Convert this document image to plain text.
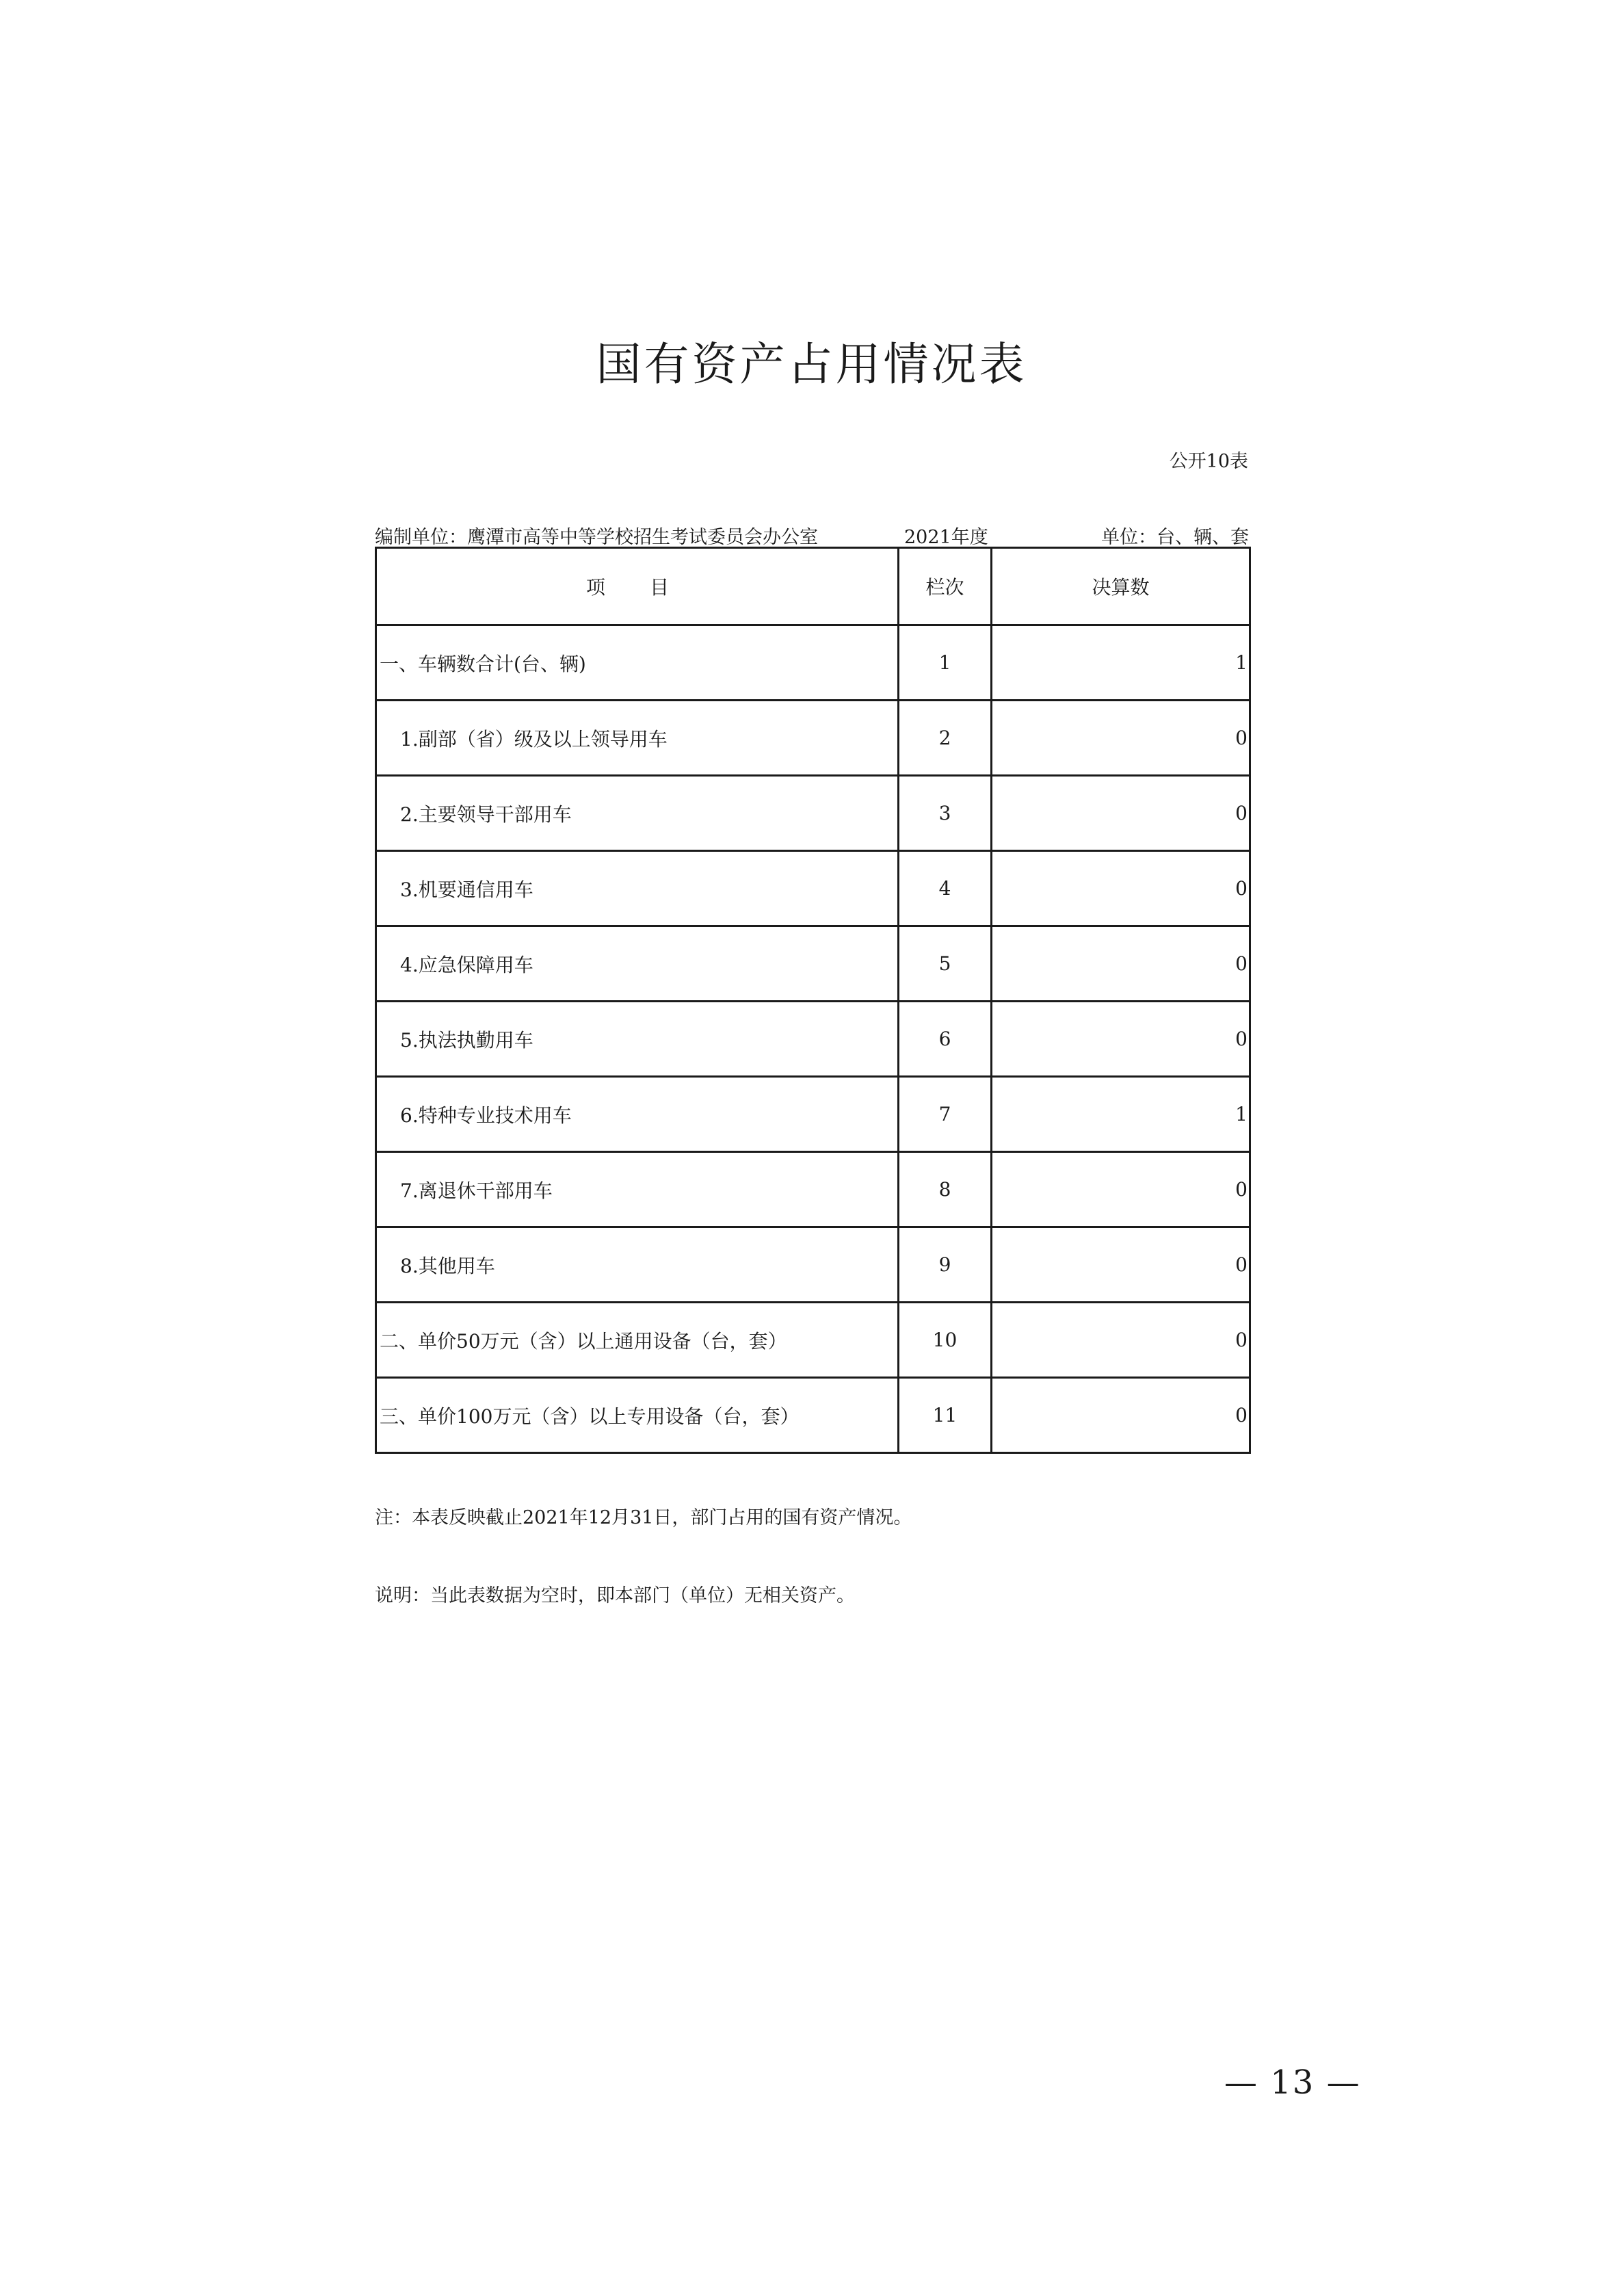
国有资产占用情况表
公开10表
编制单位：鹰潭市高等中等学校招生考试委员会办公室	2021年度	单位：台、辆、套
项 目	栏次	决算数
一、车辆数合计(台、辆)	1	1
1.副部（省）级及以上领导用车	2	0
2.主要领导干部用车	3	0
3.机要通信用车	4	0
4.应急保障用车	5	0
5.执法执勤用车	6	0
6.特种专业技术用车	7	1
7.离退休干部用车	8	0
8.其他用车	9	0
二、单价50万元（含）以上通用设备（台，套）	10	0
三、单价100万元（含）以上专用设备（台，套）	11	0
注：本表反映截止2021年12月31日，部门占用的国有资产情况。
说明：当此表数据为空时，即本部门（单位）无相关资产。
— 13 —
